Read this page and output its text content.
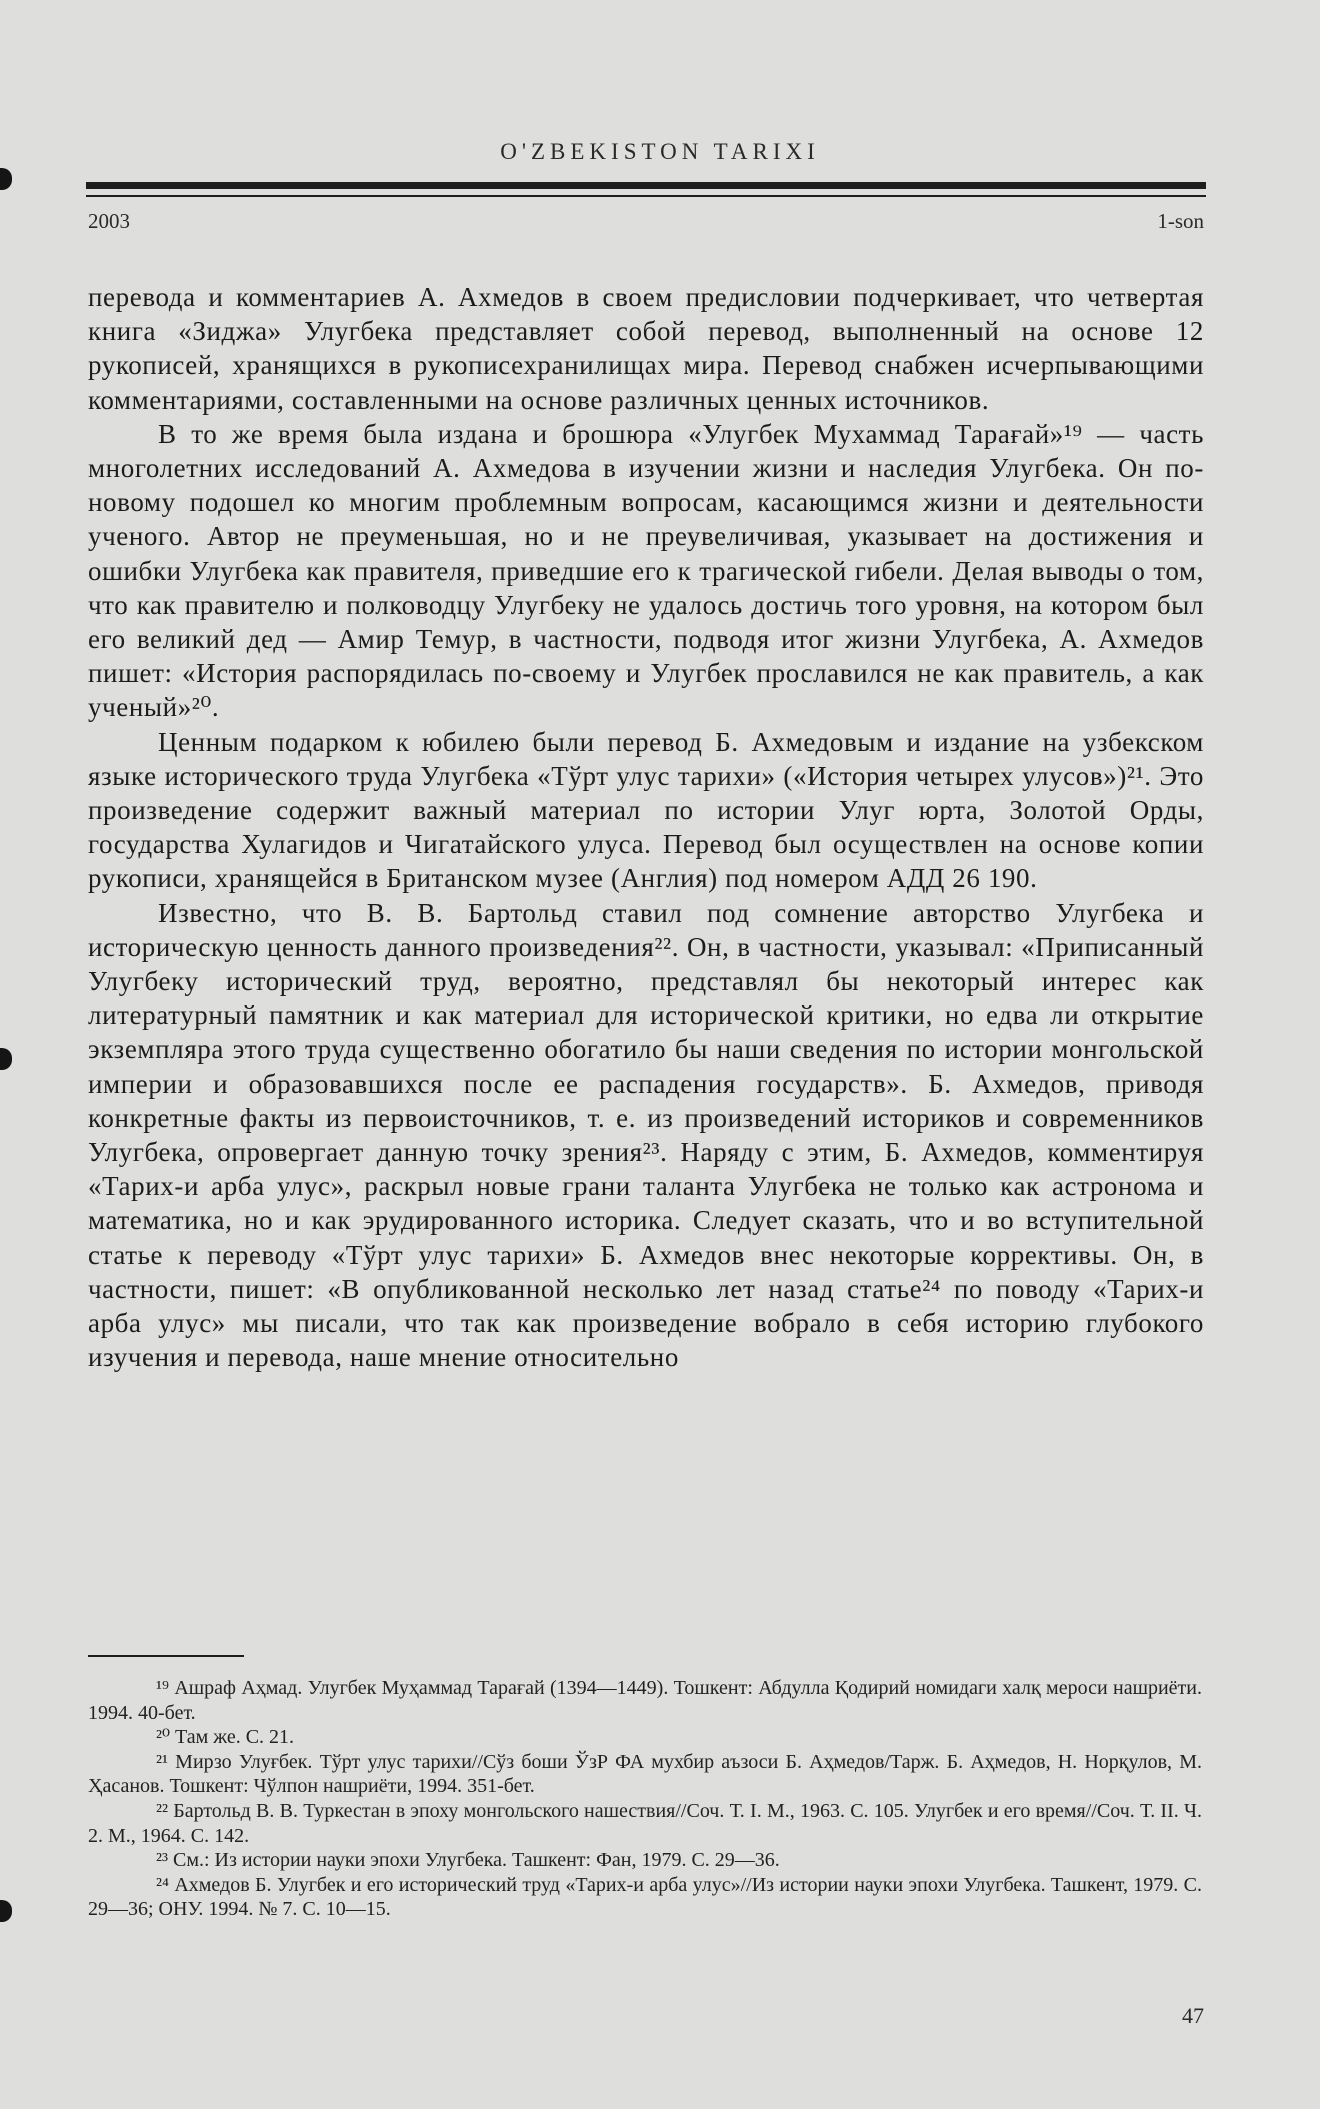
O'ZBEKISTON TARIXI
2003	1-son

перевода и комментариев А. Ахмедов в своем предисловии подчеркивает, что четвертая книга «Зиджа» Улугбека представляет собой перевод, выполненный на основе 12 рукописей, хранящихся в рукописехранилищах мира. Перевод снабжен исчерпывающими комментариями, составленными на основе различных ценных источников.

В то же время была издана и брошюра «Улугбек Мухаммад Тарағай»¹⁹ — часть многолетних исследований А. Ахмедова в изучении жизни и наследия Улугбека. Он по-новому подошел ко многим проблемным вопросам, касающимся жизни и деятельности ученого. Автор не преуменьшая, но и не преувеличивая, указывает на достижения и ошибки Улугбека как правителя, приведшие его к трагической гибели. Делая выводы о том, что как правителю и полководцу Улугбеку не удалось достичь того уровня, на котором был его великий дед — Амир Темур, в частности, подводя итог жизни Улугбека, А. Ахмедов пишет: «История распорядилась по-своему и Улугбек прославился не как правитель, а как ученый»²⁰.

Ценным подарком к юбилею были перевод Б. Ахмедовым и издание на узбекском языке исторического труда Улугбека «Тўрт улус тарихи» («История четырех улусов»)²¹. Это произведение содержит важный материал по истории Улуг юрта, Золотой Орды, государства Хулагидов и Чигатайского улуса. Перевод был осуществлен на основе копии рукописи, хранящейся в Британском музее (Англия) под номером АДД 26 190.

Известно, что В. В. Бартольд ставил под сомнение авторство Улугбека и историческую ценность данного произведения²². Он, в частности, указывал: «Приписанный Улугбеку исторический труд, вероятно, представлял бы некоторый интерес как литературный памятник и как материал для исторической критики, но едва ли открытие экземпляра этого труда существенно обогатило бы наши сведения по истории монгольской империи и образовавшихся после ее распадения государств». Б. Ахмедов, приводя конкретные факты из первоисточников, т. е. из произведений историков и современников Улугбека, опровергает данную точку зрения²³. Наряду с этим, Б. Ахмедов, комментируя «Тарих-и арба улус», раскрыл новые грани таланта Улугбека не только как астронома и математика, но и как эрудированного историка. Следует сказать, что и во вступительной статье к переводу «Тўрт улус тарихи» Б. Ахмедов внес некоторые коррективы. Он, в частности, пишет: «В опубликованной несколько лет назад статье²⁴ по поводу «Тарих-и арба улус» мы писали, что так как произведение вобрало в себя историю глубокого изучения и перевода, наше мнение относительно

¹⁹ Ашраф Аҳмад. Улугбек Муҳаммад Тарағай (1394—1449). Тошкент: Абдулла Қодирий номидаги халқ мероси нашриёти. 1994. 40-бет.

²⁰ Там же. С. 21.

²¹ Мирзо Улуғбек. Тўрт улус тарихи//Сўз боши ЎзР ФА мухбир аъзоси Б. Аҳмедов/Тарж. Б. Аҳмедов, Н. Норқулов, М. Ҳасанов. Тошкент: Чўлпон нашриёти, 1994. 351-бет.

²² Бартольд В. В. Туркестан в эпоху монгольского нашествия//Соч. Т. I. М., 1963. С. 105. Улугбек и его время//Соч. Т. II. Ч. 2. М., 1964. С. 142.

²³ См.: Из истории науки эпохи Улугбека. Ташкент: Фан, 1979. С. 29—36.

²⁴ Ахмедов Б. Улугбек и его исторический труд «Тарих-и арба улус»//Из истории науки эпохи Улугбека. Ташкент, 1979. С. 29—36; ОНУ. 1994. № 7. С. 10—15.

47
